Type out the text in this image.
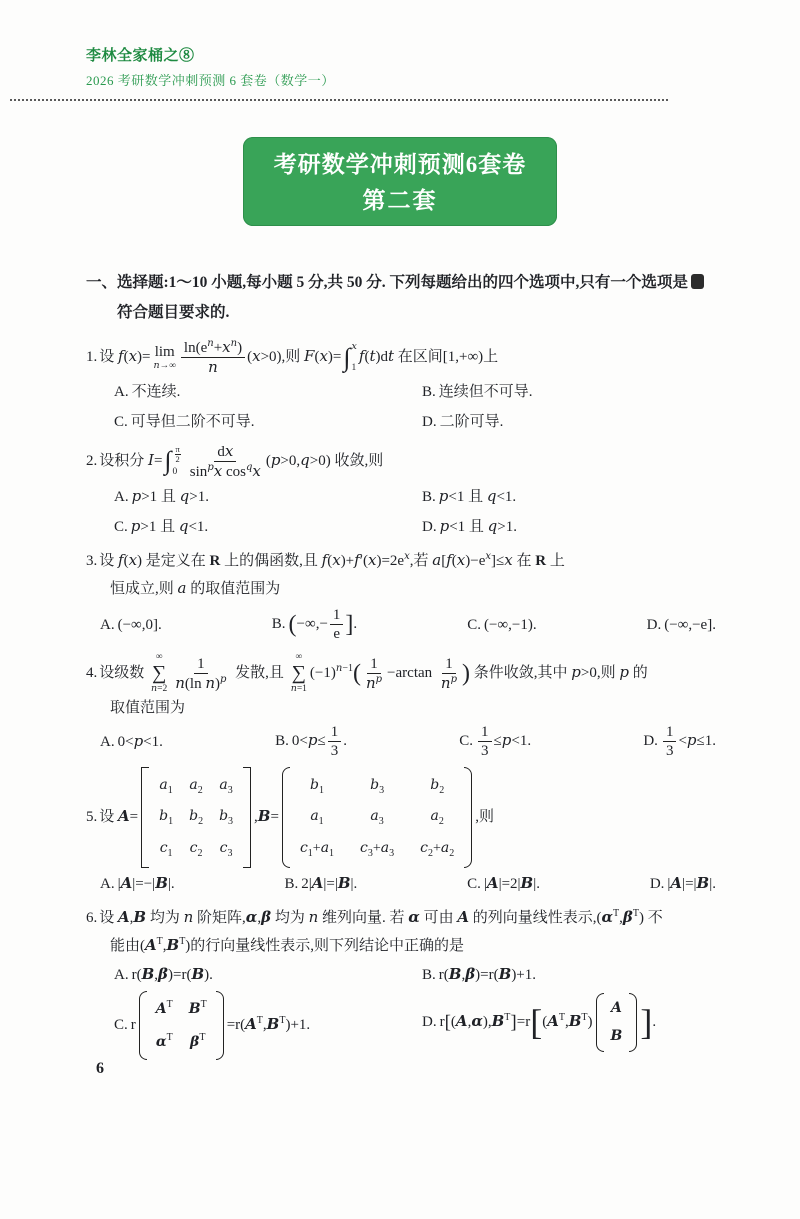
李林全家桶之⑧
2026 考研数学冲刺预测 6 套卷（数学一）
考研数学冲刺预测6套卷
第二套
一、选择题:1～10 小题,每小题 5 分,共 50 分. 下列每题给出的四个选项中,只有一个选项是
符合题目要求的.
1. 设 f(x)= lim
$n\to\infty \frac{\ln(e^n+x^n)}{n} (x>0)$,则 F(x)= ∫ x
1
f(t)dt 在区间[1,+∞)上
A. 不连续.	B. 连续但不可导.
C. 可导但二阶不可导.	D. 二阶可导.
2. 设积分 I= ∫ $\frac{\pi}{2}$
$0 \frac{dx}{\sin^px \cos^qx} (p>0,q>0)$ 收敛,则
A. p>1 且 q>1.	B. p<1 且 q<1.
C. p>1 且 q<1.	D. p<1 且 q>1.
3. 设 f(x) 是定义在 R 上的偶函数,且 $f(x)+f'(x)=2e^x$,若 $a[f(x)-e^x]\le x$ 在 R 上
恒成立,则 a 的取值范围为
A. (−∞,0].	B. (−∞,− $\frac{1}{e}$ ].	C. (−∞,−1).	D. (−∞,−e].
4. 设级数
∞
∑
$n=2 \frac{1}{n(\ln n)^p}$ 发散,且
∞
∑
n=1
$(-1)^{n-1}( \frac{1}{n^p} -\arctan \frac{1}{n^p}$ ) 条件收敛,其中 p>0,则 p 的
取值范围为
A. 0<p<1.	B. $0<p\le \frac{1}{3}$ .	C. $\frac{1}{3} \le p<1$.	D. $\frac{1}{3} <p\le 1$.
5. 设 A=
$a_1$ $a_2$ $a_3$
$b_1$ $b_2$ $b_3$
$c_1$ $c_2$ $c_3$
,B=
$b_1$	$b_3$	$b_2$
$a_1$	$a_3$	$a_2$
$c_1+a_1$ $c_3+a_3$ $c_2+a_2$
,则
A. |A|=−|B|.	B. 2|A|=|B|.	C. |A|=2|B|.	D. |A|=|B|.
6. 设 A,B 均为 n 阶矩阵,α,β 均为 n 维列向量. 若 α 可由 A 的列向量线性表示$,(\alpha^T,\beta^T)$ 不
能由$(A^T,B^T)$的行向量线性表示,则下列结论中正确的是
A. r(B,β)=r(B).	B. r(B,β)=r(B)+1.
C. r
$A^T$ $B^T$
$\alpha^T$ $\beta^T$
$=r(A^T,B^T)+1$.	D. $r[(A,\alpha),B^T]=r[(A^T,B^T)$
A
B ].
6
